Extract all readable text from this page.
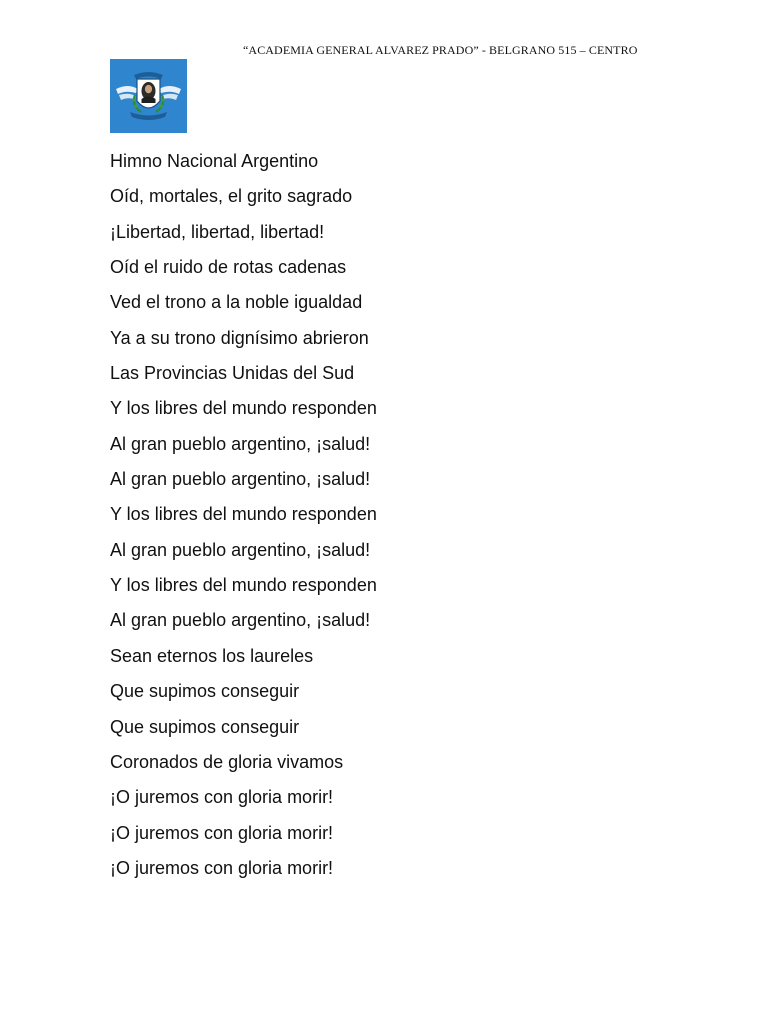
“ACADEMIA GENERAL ALVAREZ PRADO” - BELGRANO 515 – CENTRO
Himno Nacional Argentino
Oíd, mortales, el grito sagrado
¡Libertad, libertad, libertad!
Oíd el ruido de rotas cadenas
Ved el trono a la noble igualdad
Ya a su trono dignísimo abrieron
Las Provincias Unidas del Sud
Y los libres del mundo responden
Al gran pueblo argentino, ¡salud!
Al gran pueblo argentino, ¡salud!
Y los libres del mundo responden
Al gran pueblo argentino, ¡salud!
Y los libres del mundo responden
Al gran pueblo argentino, ¡salud!
Sean eternos los laureles
Que supimos conseguir
Que supimos conseguir
Coronados de gloria vivamos
¡O juremos con gloria morir!
¡O juremos con gloria morir!
¡O juremos con gloria morir!
